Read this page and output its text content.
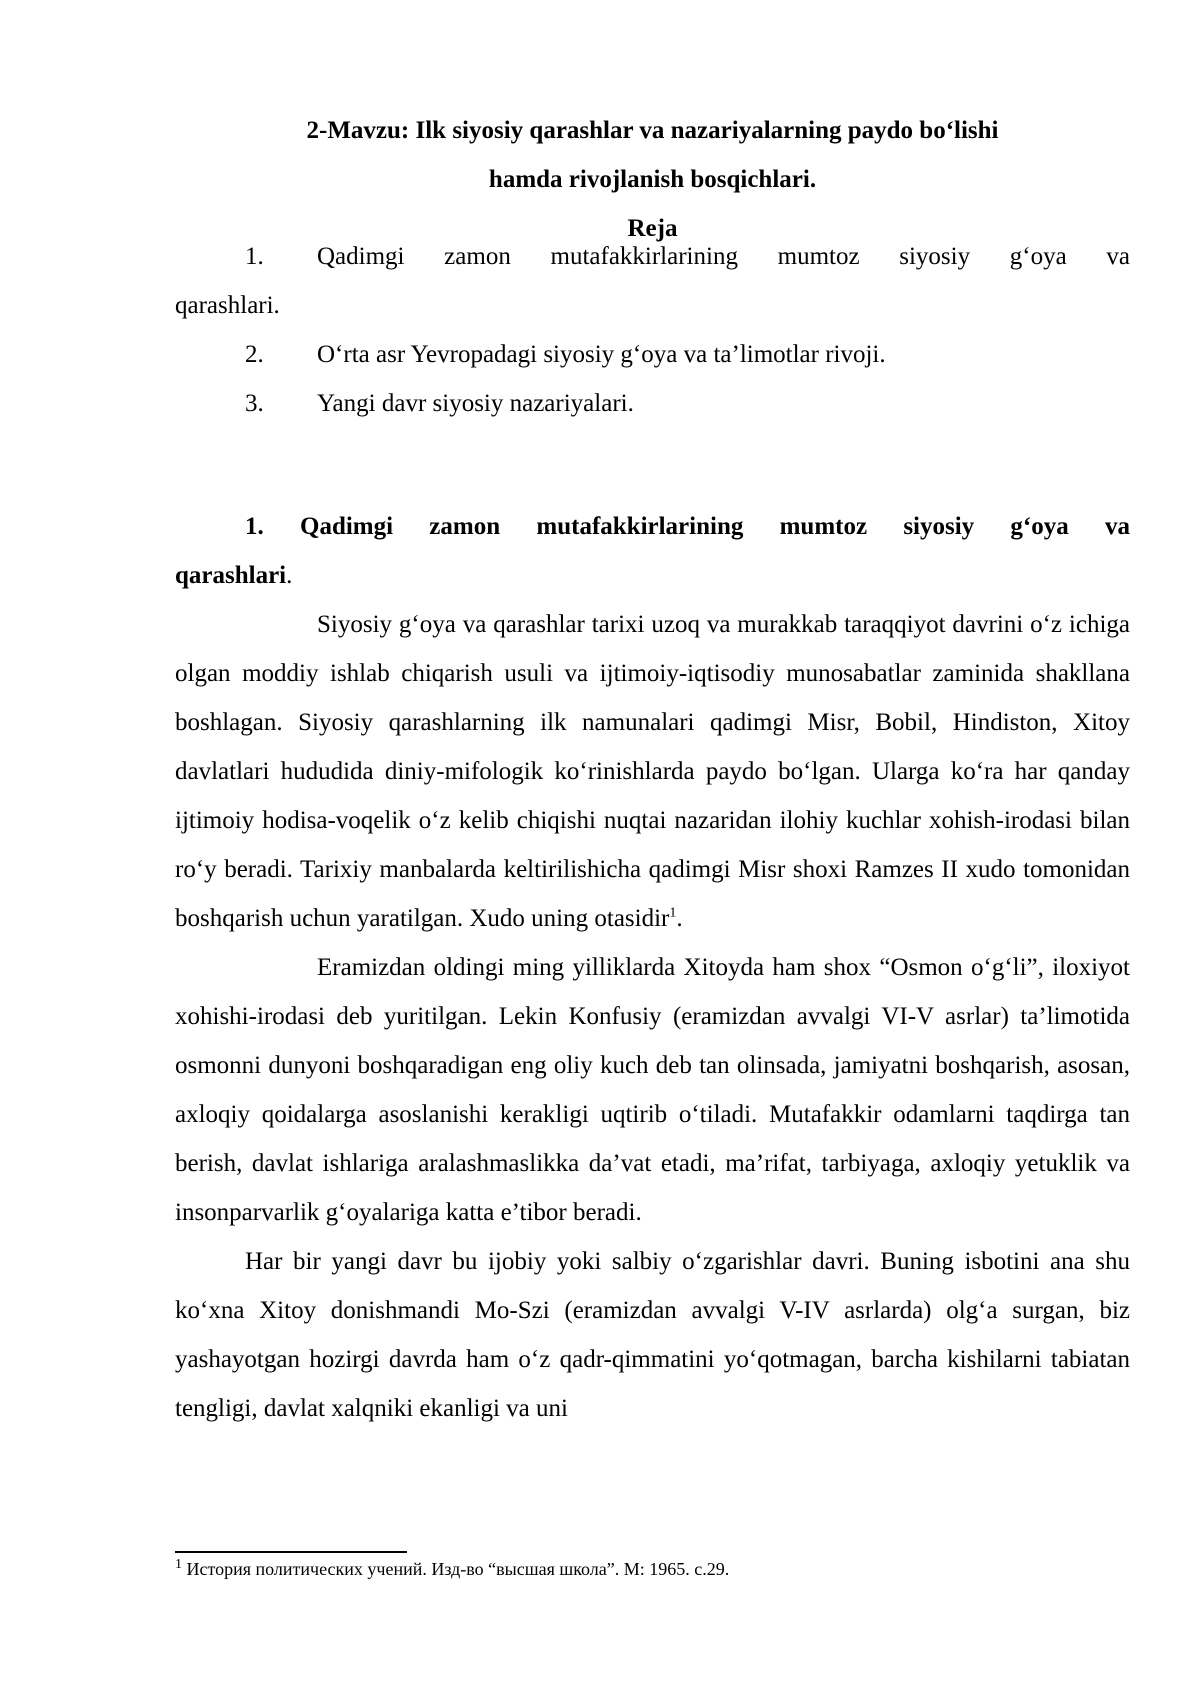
2-Mavzu: Ilk siyosiy qarashlar va nazariyalarning paydo bo‘lishi
hamda rivojlanish bosqichlari.
Reja
1.	Qadimgi zamon mutafakkirlarining mumtoz siyosiy g‘oya va
qarashlari.
2.	O‘rta asr Yevropadagi siyosiy g‘oya va ta’limotlar rivoji.
3.	Yangi davr siyosiy nazariyalari.
1. Qadimgi zamon mutafakkirlarining mumtoz siyosiy g‘oya va
qarashlari.

Siyosiy g‘oya va qarashlar tarixi uzoq va murakkab taraqqiyot davrini o‘z ichiga olgan moddiy ishlab chiqarish usuli va ijtimoiy-iqtisodiy munosabatlar zaminida shakllana boshlagan. Siyosiy qarashlarning ilk namunalari qadimgi Misr, Bobil, Hindiston, Xitoy davlatlari hududida diniy-mifologik ko‘rinishlarda paydo bo‘lgan. Ularga ko‘ra har qanday ijtimoiy hodisa-voqelik o‘z kelib chiqishi nuqtai nazaridan ilohiy kuchlar xohish-irodasi bilan ro‘y beradi. Tarixiy manbalarda keltirilishicha qadimgi Misr shoxi Ramzes II xudo tomonidan boshqarish uchun yaratilgan. Xudo uning otasidir$^1$.

Eramizdan oldingi ming yilliklarda Xitoyda ham shox “Osmon o‘g‘li”, iloxiyot xohishi-irodasi deb yuritilgan. Lekin Konfusiy (eramizdan avvalgi VI-V asrlar) ta’limotida osmonni dunyoni boshqaradigan eng oliy kuch deb tan olinsada, jamiyatni boshqarish, asosan, axloqiy qoidalarga asoslanishi kerakligi uqtirib o‘tiladi. Mutafakkir odamlarni taqdirga tan berish, davlat ishlariga aralashmaslikka da’vat etadi, ma’rifat, tarbiyaga, axloqiy yetuklik va insonparvarlik g‘oyalariga katta e’tibor beradi.

Har bir yangi davr bu ijobiy yoki salbiy o‘zgarishlar davri. Buning isbotini ana shu ko‘xna Xitoy donishmandi Mo-Szi (eramizdan avvalgi V-IV asrlarda) olg‘a surgan, biz yashayotgan hozirgi davrda ham o‘z qadr-qimmatini yo‘qotmagan, barcha kishilarni tabiatan tengligi, davlat xalqniki ekanligi va uni

$^1$ История политических учений. Изд-во “высшая школа”. М: 1965. с.29.
